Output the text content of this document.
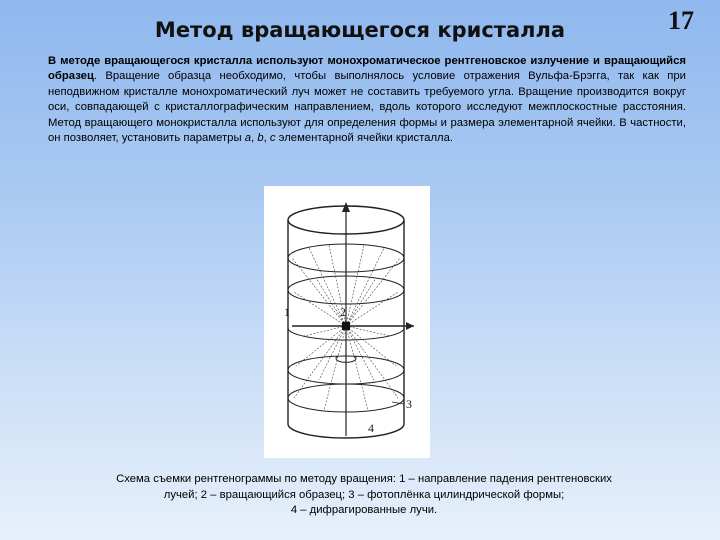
Метод вращающегося кристалла	17
В методе вращающегося кристалла используют монохроматическое рентгеновское излучение и вращающийся образец. Вращение образца необходимо, чтобы выполнялось условие отражения Вульфа-Брэгга, так как при неподвижном кристалле монохроматический луч может не составить требуемого угла. Вращение производится вокруг оси, совпадающей с кристаллографическим направлением, вдоль которого исследуют межплоскостные расстояния. Метод вращающего монокристалла используют для определения формы и размера элементарной ячейки. В частности, он позволяет, установить параметры a, b, c элементарной ячейки кристалла.
1	2
3
4
Схема съемки рентгенограммы по методу вращения: 1 – направление падения рентгеновских
лучей; 2 – вращающийся образец; 3 – фотоплёнка цилиндрической формы;
4 – дифрагированные лучи.
